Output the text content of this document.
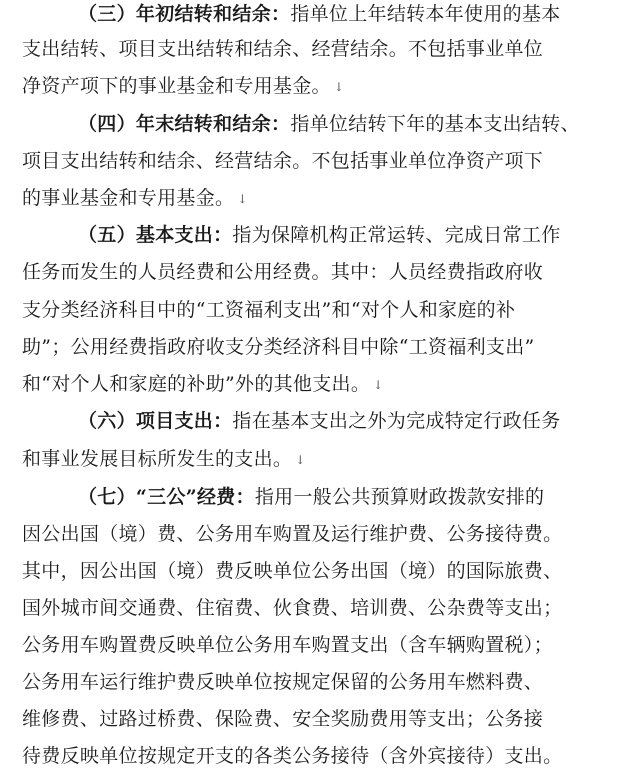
（三）年初结转和结余：指单位上年结转本年使用的基本
支出结转、项目支出结转和结余、经营结余。不包括事业单位
净资产项下的事业基金和专用基金。 ↓
（四）年末结转和结余：指单位结转下年的基本支出结转、
项目支出结转和结余、经营结余。不包括事业单位净资产项下
的事业基金和专用基金。 ↓
（五）基本支出：指为保障机构正常运转、完成日常工作
任务而发生的人员经费和公用经费。其中：人员经费指政府收
支分类经济科目中的“工资福利支出”和“对个人和家庭的补
助”；公用经费指政府收支分类经济科目中除“工资福利支出”
和“对个人和家庭的补助”外的其他支出。 ↓
（六）项目支出：指在基本支出之外为完成特定行政任务
和事业发展目标所发生的支出。 ↓
（七）“三公”经费：指用一般公共预算财政拨款安排的
因公出国（境）费、公务用车购置及运行维护费、公务接待费。
其中，因公出国（境）费反映单位公务出国（境）的国际旅费、
国外城市间交通费、住宿费、伙食费、培训费、公杂费等支出；
公务用车购置费反映单位公务用车购置支出（含车辆购置税）；
公务用车运行维护费反映单位按规定保留的公务用车燃料费、
维修费、过路过桥费、保险费、安全奖励费用等支出；公务接
待费反映单位按规定开支的各类公务接待（含外宾接待）支出。
